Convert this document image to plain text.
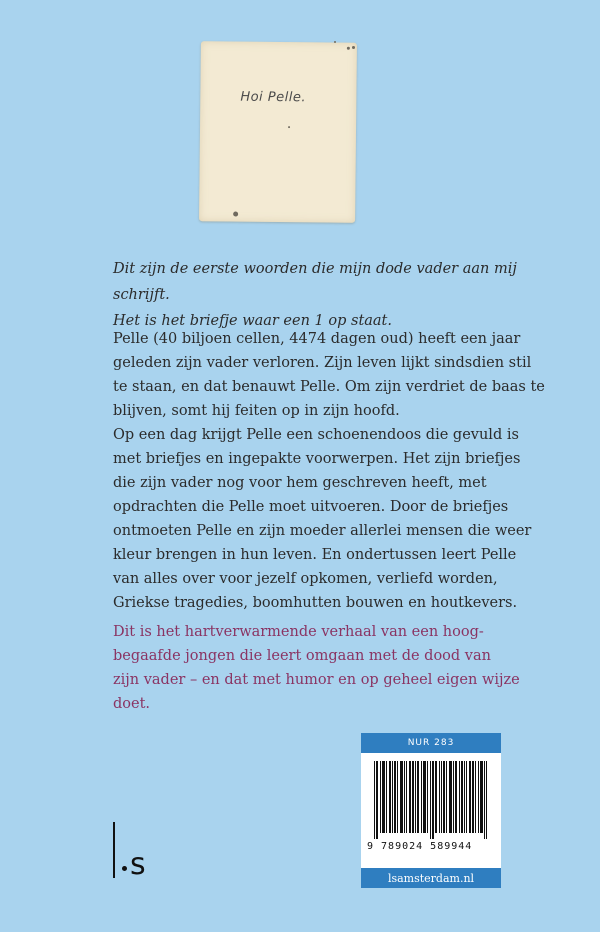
Hoi Pelle.

Dit zijn de eerste woorden die mijn dode vader aan mij schrijft.

Het is het briefje waar een 1 op staat.

Pelle (40 biljoen cellen, 4474 dagen oud) heeft een jaar
geleden zijn vader verloren. Zijn leven lijkt sindsdien stil
te staan, en dat benauwt Pelle. Om zijn verdriet de baas te
blijven, somt hij feiten op in zijn hoofd.
Op een dag krijgt Pelle een schoenendoos die gevuld is
met briefjes en ingepakte voorwerpen. Het zijn briefjes
die zijn vader nog voor hem geschreven heeft, met
opdrachten die Pelle moet uitvoeren. Door de briefjes
ontmoeten Pelle en zijn moeder allerlei mensen die weer
kleur brengen in hun leven. En ondertussen leert Pelle
van alles over voor jezelf opkomen, verliefd worden,
Griekse tragedies, boomhutten bouwen en houtkevers.
Dit is het hartverwarmende verhaal van een hoog-
begaafde jongen die leert omgaan met de dood van
zijn vader – en dat met humor en op geheel eigen wijze
doet.
NUR 283
9 789024 589944
lsamsterdam.nl
s
